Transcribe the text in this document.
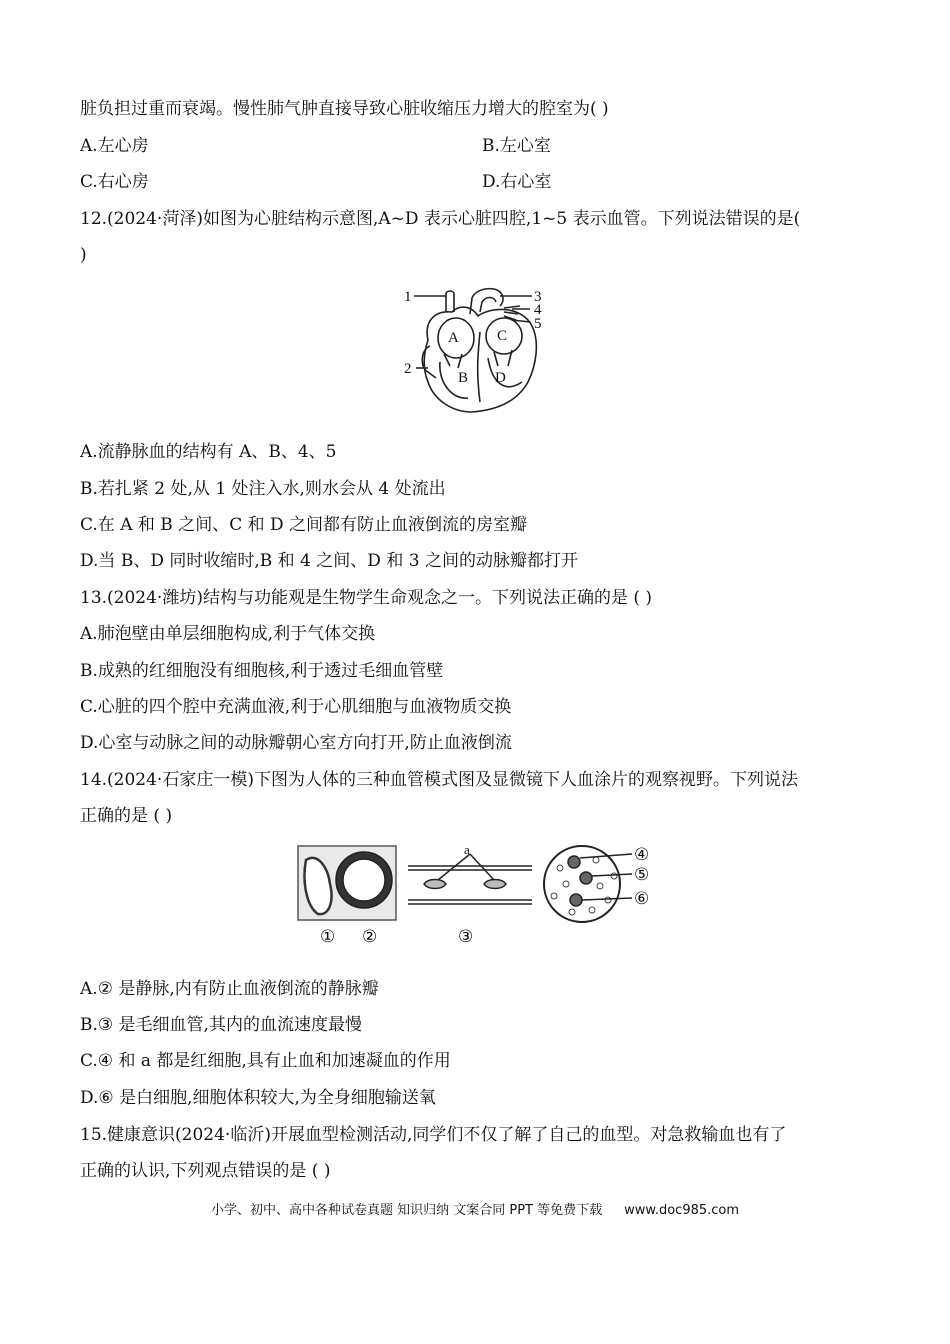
脏负担过重而衰竭。慢性肺气肿直接导致心脏收缩压力增大的腔室为( )
A.左心房	B.左心室
C.右心房	D.右心室
12.(2024·菏泽)如图为心脏结构示意图,A~D 表示心脏四腔,1~5 表示血管。下列说法错误的是(
)
1
2
3
4
5
A
B
C
D
A.流静脉血的结构有 A、B、4、5
B.若扎紧 2 处,从 1 处注入水,则水会从 4 处流出
C.在 A 和 B 之间、C 和 D 之间都有防止血液倒流的房室瓣
D.当 B、D 同时收缩时,B 和 4 之间、D 和 3 之间的动脉瓣都打开
13.(2024·潍坊)结构与功能观是生物学生命观念之一。下列说法正确的是 ( )
A.肺泡壁由单层细胞构成,利于气体交换
B.成熟的红细胞没有细胞核,利于透过毛细血管壁
C.心脏的四个腔中充满血液,利于心肌细胞与血液物质交换
D.心室与动脉之间的动脉瓣朝心室方向打开,防止血液倒流
14.(2024·石家庄一模)下图为人体的三种血管模式图及显微镜下人血涂片的观察视野。下列说法
正确的是 ( )
① ②	③
a	④
⑤
⑥
A.② 是静脉,内有防止血液倒流的静脉瓣
B.③ 是毛细血管,其内的血流速度最慢
C.④ 和 a 都是红细胞,具有止血和加速凝血的作用
D.⑥ 是白细胞,细胞体积较大,为全身细胞输送氧
15.健康意识(2024·临沂)开展血型检测活动,同学们不仅了解了自己的血型。对急救输血也有了
正确的认识,下列观点错误的是 ( )
小学、初中、高中各种试卷真题 知识归纳 文案合同 PPT 等免费下载 www.doc985.com
